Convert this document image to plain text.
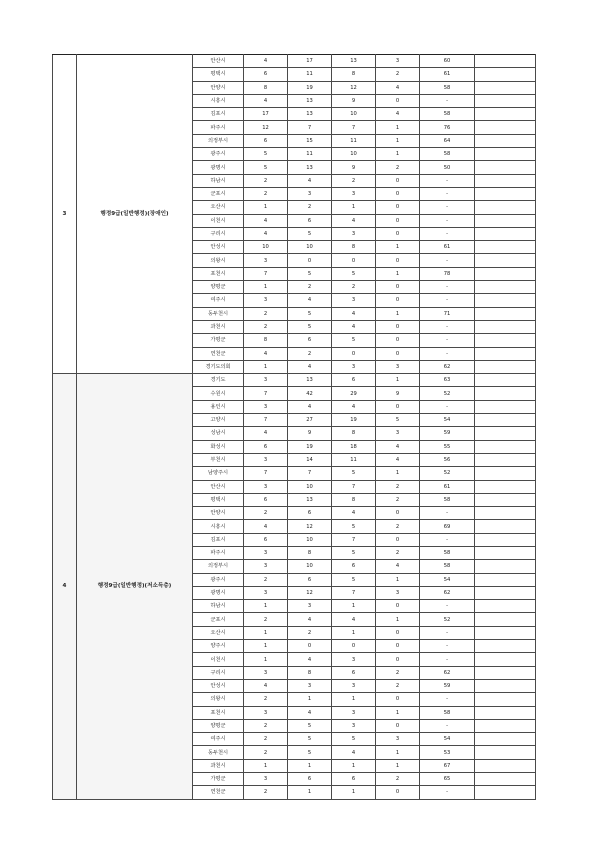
3	행정9급(일반행정)(장애인)	안산시	4	17	13	3	60	
		평택시	6	11	8	2	61	
		안양시	8	19	12	4	58	
		시흥시	4	13	9	0	-	
		김포시	17	13	10	4	58	
		파주시	12	7	7	1	76	
		의정부시	6	15	11	1	64	
		광주시	5	11	10	1	58	
		광명시	5	13	9	2	50	
		하남시	2	4	2	0	-	
		군포시	2	3	3	0	-	
		오산시	1	2	1	0	-	
		이천시	4	6	4	0	-	
		구리시	4	5	3	0	-	
		안성시	10	10	8	1	61	
		의왕시	3	0	0	0	-	
		포천시	7	5	5	1	78	
		양평군	1	2	2	0	-	
		여주시	3	4	3	0	-	
		동두천시	2	5	4	1	71	
		과천시	2	5	4	0	-	
		가평군	8	6	5	0	-	
		연천군	4	2	0	0	-	
		경기도의회	1	4	3	3	62	
4	행정9급(일반행정)(저소득층)	경기도	3	13	6	1	63	
		수원시	7	42	29	9	52	
		용인시	3	4	4	0	-	
		고양시	7	27	19	5	54	
		성남시	4	9	8	3	59	
		화성시	6	19	18	4	55	
		부천시	3	14	11	4	56	
		남양주시	7	7	5	1	52	
		안산시	3	10	7	2	61	
		평택시	6	13	8	2	58	
		안양시	2	6	4	0	-	
		시흥시	4	12	5	2	69	
		김포시	6	10	7	0	-	
		파주시	3	8	5	2	58	
		의정부시	3	10	6	4	58	
		광주시	2	6	5	1	54	
		광명시	3	12	7	3	62	
		하남시	1	3	1	0	-	
		군포시	2	4	4	1	52	
		오산시	1	2	1	0	-	
		양주시	1	0	0	0	-	
		이천시	1	4	3	0	-	
		구리시	3	8	6	2	62	
		안성시	4	3	3	2	59	
		의왕시	2	1	1	0	-	
		포천시	3	4	3	1	58	
		양평군	2	5	3	0	-	
		여주시	2	5	5	3	54	
		동두천시	2	5	4	1	53	
		과천시	1	1	1	1	67	
		가평군	3	6	6	2	65	
		연천군	2	1	1	0	-	
